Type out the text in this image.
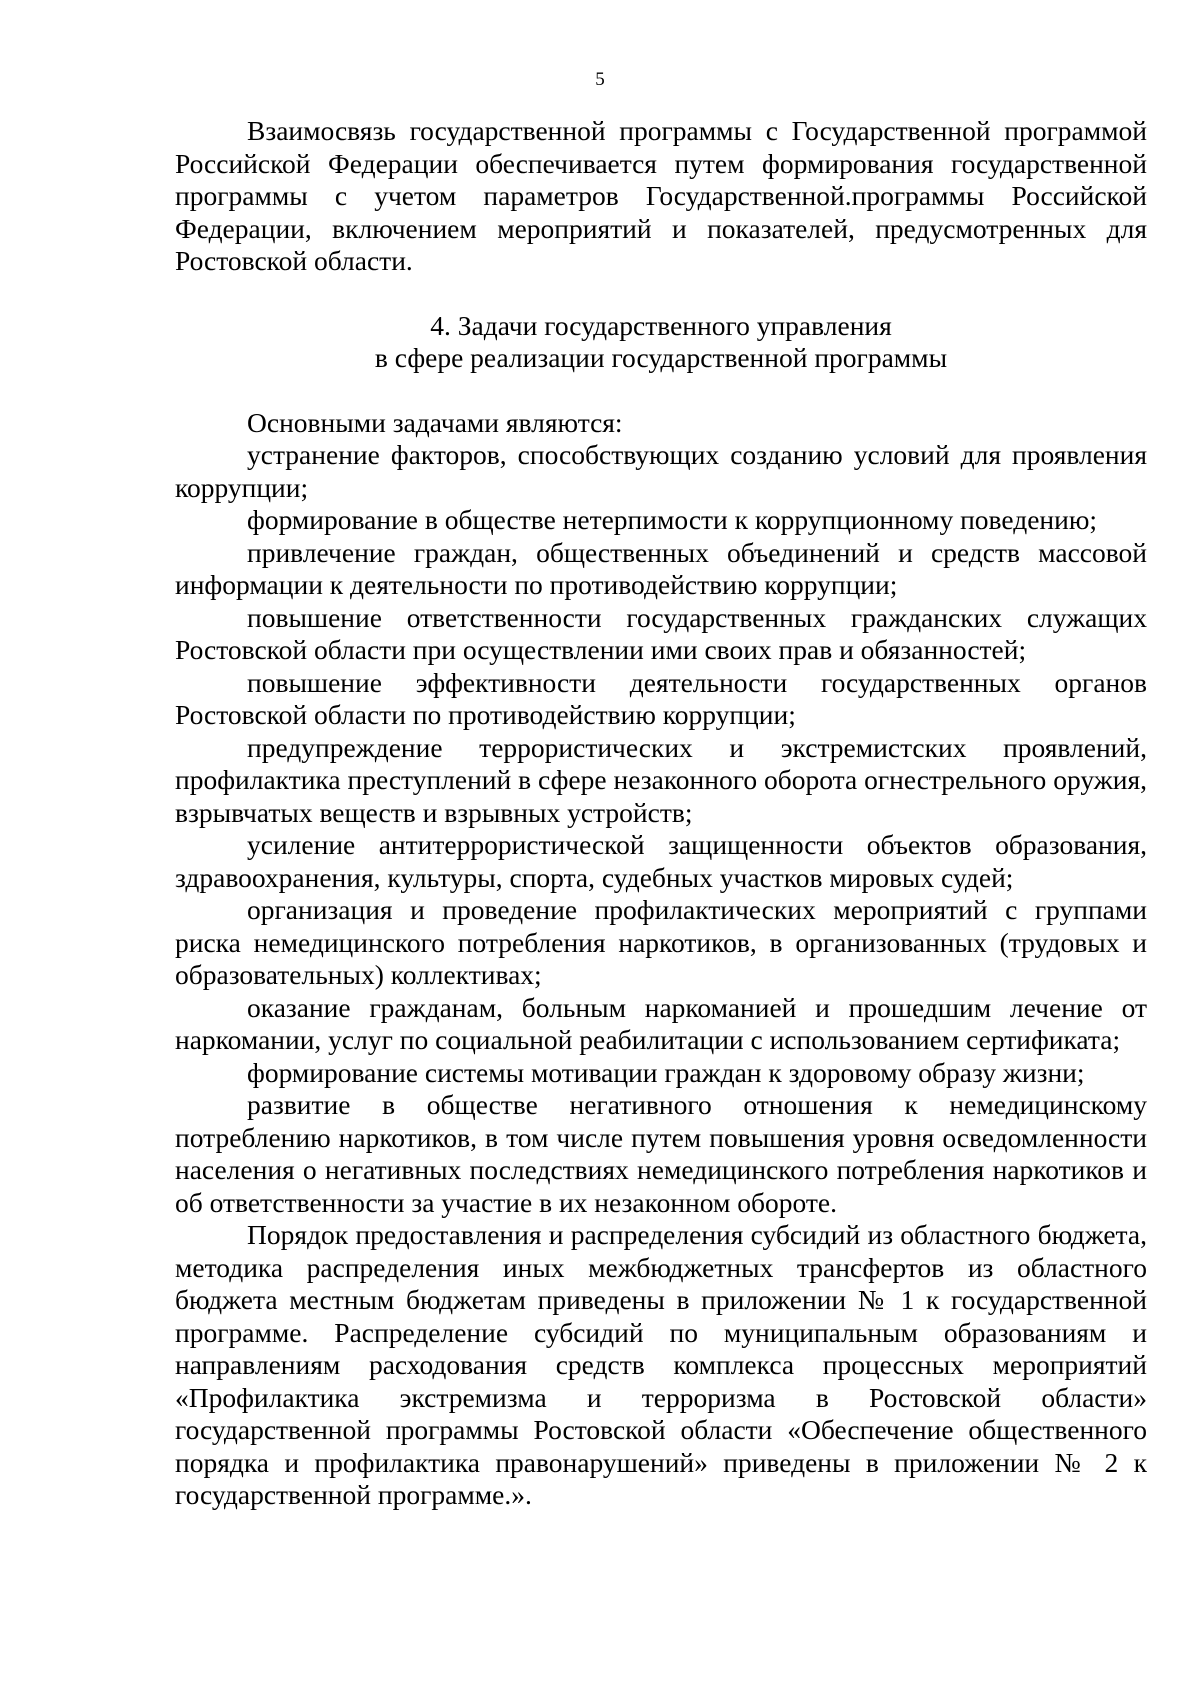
5

Взаимосвязь государственной программы с Государственной программой Российской Федерации обеспечивается путем формирования государственной программы с учетом параметров Государственной.программы Российской Федерации, включением мероприятий и показателей, предусмотренных для Ростовской области.

4. Задачи государственного управления

в сфере реализации государственной программы

Основными задачами являются:

устранение факторов, способствующих созданию условий для проявления коррупции;

формирование в обществе нетерпимости к коррупционному поведению;

привлечение граждан, общественных объединений и средств массовой информации к деятельности по противодействию коррупции;

повышение ответственности государственных гражданских служащих Ростовской области при осуществлении ими своих прав и обязанностей;

повышение эффективности деятельности государственных органов Ростовской области по противодействию коррупции;

предупреждение террористических и экстремистских проявлений, профилактика преступлений в сфере незаконного оборота огнестрельного оружия, взрывчатых веществ и взрывных устройств;

усиление антитеррористической защищенности объектов образования, здравоохранения, культуры, спорта, судебных участков мировых судей;

организация и проведение профилактических мероприятий с группами риска немедицинского потребления наркотиков, в организованных (трудовых и образовательных) коллективах;

оказание гражданам, больным наркоманией и прошедшим лечение от наркомании, услуг по социальной реабилитации с использованием сертификата;

формирование системы мотивации граждан к здоровому образу жизни;

развитие в обществе негативного отношения к немедицинскому потреблению наркотиков, в том числе путем повышения уровня осведомленности населения о негативных последствиях немедицинского потребления наркотиков и об ответственности за участие в их незаконном обороте.

Порядок предоставления и распределения субсидий из областного бюджета, методика распределения иных межбюджетных трансфертов из областного бюджета местным бюджетам приведены в приложении № 1 к государственной программе. Распределение субсидий по муниципальным образованиям и направлениям расходования средств комплекса процессных мероприятий «Профилактика экстремизма и терроризма в Ростовской области» государственной программы Ростовской области «Обеспечение общественного порядка и профилактика правонарушений» приведены в приложении № 2 к государственной программе.».
